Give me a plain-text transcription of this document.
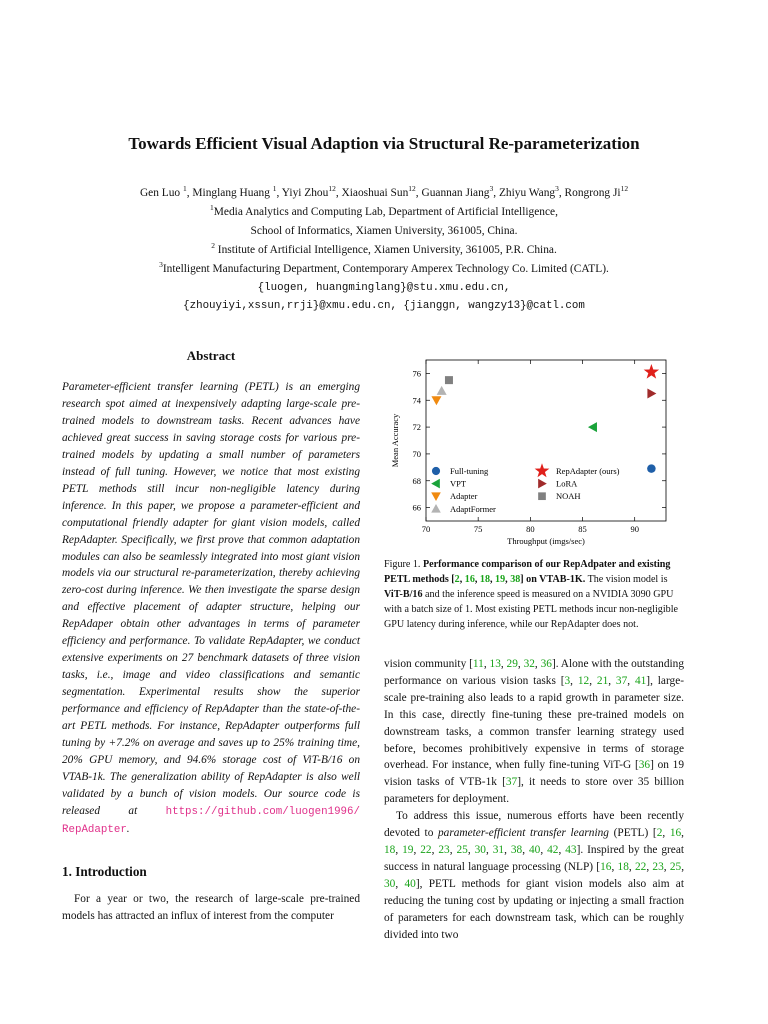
Towards Efficient Visual Adaption via Structural Re-parameterization
Gen Luo $^1$, Minglang Huang $^1$, Yiyi Zhou$^{12}$, Xiaoshuai Sun$^{12}$, Guannan Jiang$^3$, Zhiyu Wang$^3$, Rongrong Ji$^{12}$
$^1$Media Analytics and Computing Lab, Department of Artificial Intelligence,
School of Informatics, Xiamen University, 361005, China.
$^2$ Institute of Artificial Intelligence, Xiamen University, 361005, P.R. China.
$^3$Intelligent Manufacturing Department, Contemporary Amperex Technology Co. Limited (CATL).
{luogen, huangminglang}@stu.xmu.edu.cn,
{zhouyiyi,xssun,rrji}@xmu.edu.cn, {jianggn, wangzy13}@catl.com
Abstract
Parameter-efficient transfer learning (PETL) is an emerging research spot aimed at inexpensively adapting large-scale pre-trained models to downstream tasks. Recent advances have achieved great success in saving storage costs for various pre-trained models by updating a small number of parameters instead of full tuning. However, we notice that most existing PETL methods still incur non-negligible latency during inference. In this paper, we propose a parameter-efficient and computational friendly adapter for giant vision models, called RepAdapter. Specifically, we first prove that common adaptation modules can also be seamlessly integrated into most giant vision models via our structural re-parameterization, thereby achieving zero-cost during inference. We then investigate the sparse design and effective placement of adapter structure, helping our RepAdaper obtain other advantages in terms of parameter efficiency and performance. To validate RepAdapter, we conduct extensive experiments on 27 benchmark datasets of three vision tasks, i.e., image and video classifications and semantic segmentation. Experimental results show the superior performance and efficiency of RepAdapter than the state-of-the-art PETL methods. For instance, RepAdapter outperforms full tuning by +7.2% on average and saves up to 25% training time, 20% GPU memory, and 94.6% storage cost of ViT-B/16 on VTAB-1k. The generalization ability of RepAdapter is also well validated by a bunch of vision models. Our source code is released at https://github.com/luogen1996/ RepAdapter.
1. Introduction
For a year or two, the research of large-scale pre-trained models has attracted an influx of interest from the computer
70	75	80	85	90
66
68
70
72
74
76
Throughput (imgs/sec)
Mean Accuracy
Full-tuning
VPT
Adapter
AdaptFormer
RepAdapter (ours)
LoRA
NOAH
Figure 1. Performance comparison of our RepAdpater and existing PETL methods [2, 16, 18, 19, 38] on VTAB-1K. The vision model is ViT-B/16 and the inference speed is measured on a NVIDIA 3090 GPU with a batch size of 1. Most existing PETL methods incur non-negligible GPU latency during inference, while our RepAdapter does not.

vision community [11, 13, 29, 32, 36]. Alone with the outstanding performance on various vision tasks [3, 12, 21, 37, 41], large-scale pre-training also leads to a rapid growth in parameter size. In this case, directly fine-tuning these pre-trained models on downstream tasks, a common transfer learning strategy used before, becomes prohibitively expensive in terms of storage overhead. For instance, when fully fine-tuning ViT-G [36] on 19 vision tasks of VTB-1k [37], it needs to store over 35 billion parameters for deployment.

To address this issue, numerous efforts have been recently devoted to parameter-efficient transfer learning (PETL) [2, 16, 18, 19, 22, 23, 25, 30, 31, 38, 40, 42, 43]. Inspired by the great success in natural language processing (NLP) [16, 18, 22, 23, 25, 30, 40], PETL methods for giant vision models also aim at reducing the tuning cost by updating or injecting a small fraction of parameters for each downstream task, which can be roughly divided into two
